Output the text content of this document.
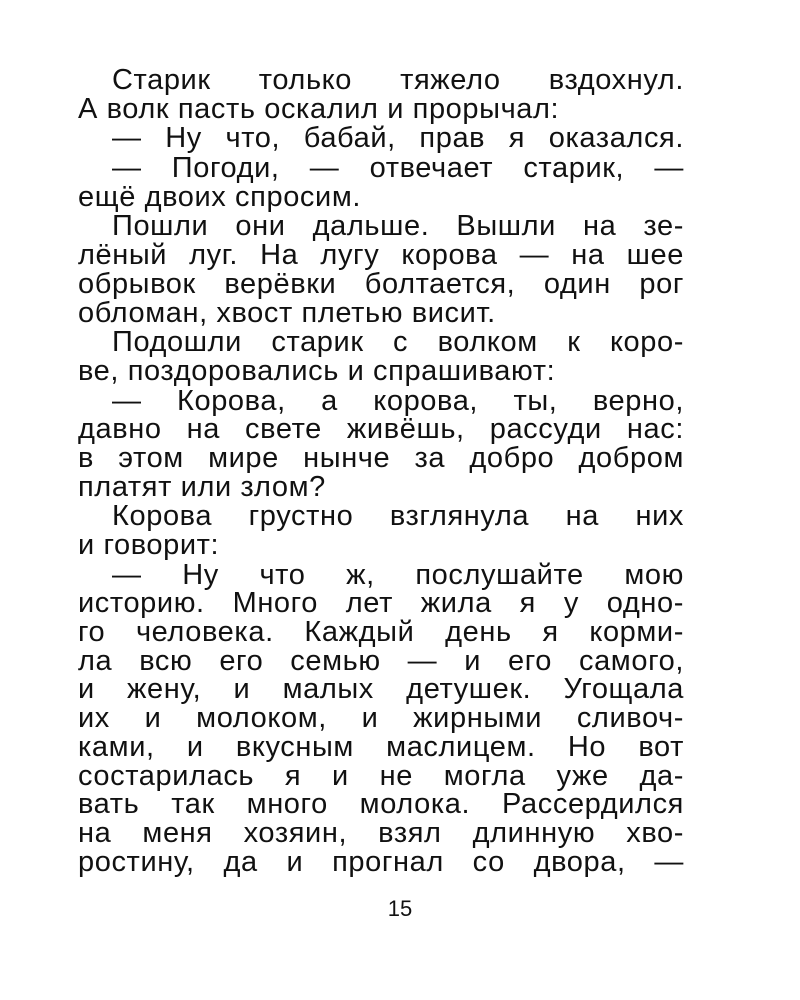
Старик только тяжело вздохнул.
А волк пасть оскалил и прорычал:
— Ну что, бабай, прав я оказался.
— Погоди, — отвечает старик, —
ещё двоих спросим.
Пошли они дальше. Вышли на зе-
лёный луг. На лугу корова — на шее
обрывок верёвки болтается, один рог
обломан, хвост плетью висит.
Подошли старик с волком к коро-
ве, поздоровались и спрашивают:
— Корова, а корова, ты, верно,
давно на свете живёшь, рассуди нас:
в этом мире нынче за добро добром
платят или злом?
Корова грустно взглянула на них
и говорит:
— Ну что ж, послушайте мою
историю. Много лет жила я у одно-
го человека. Каждый день я корми-
ла всю его семью — и его самого,
и жену, и малых детушек. Угощала
их и молоком, и жирными сливоч-
ками, и вкусным маслицем. Но вот
состарилась я и не могла уже да-
вать так много молока. Рассердился
на меня хозяин, взял длинную хво-
ростину, да и прогнал со двора, —
15
